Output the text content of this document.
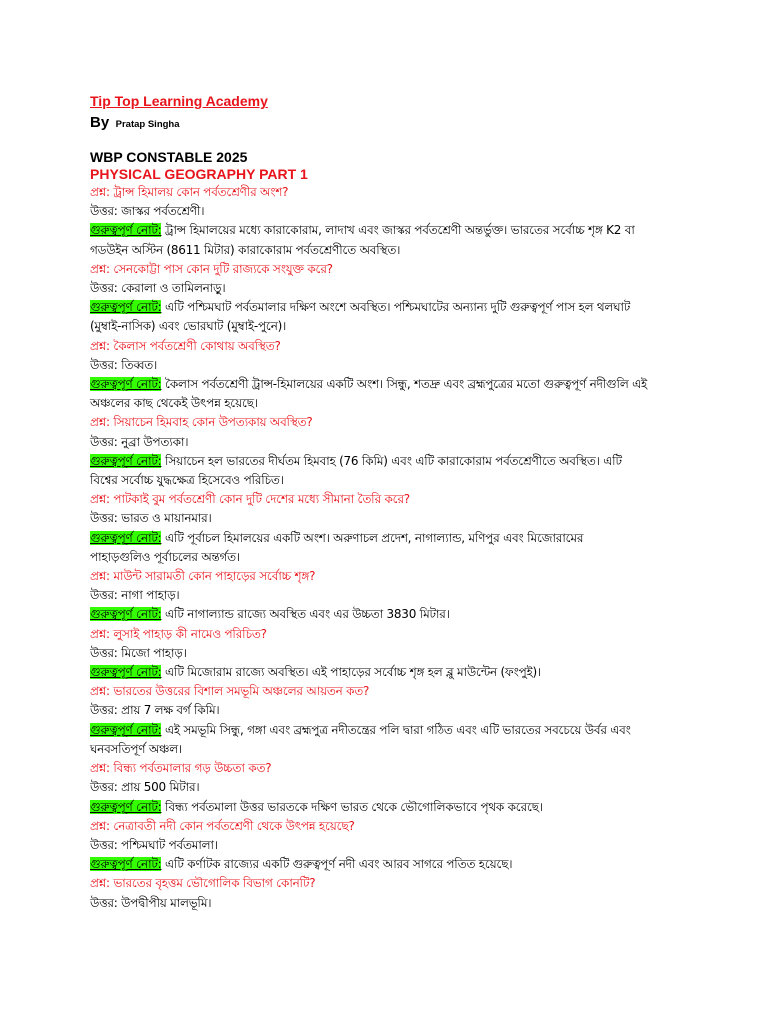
Tip Top Learning Academy
By Pratap Singha
WBP CONSTABLE 2025
PHYSICAL GEOGRAPHY PART 1
প্রশ্ন: ট্রান্স হিমালয় কোন পর্বতশ্রেণীর অংশ?
উত্তর: জাস্কর পর্বতশ্রেণী।
গুরুত্বপূর্ণ নোট: ট্রান্স হিমালয়ের মধ্যে কারাকোরাম, লাদাখ এবং জাস্কর পর্বতশ্রেণী অন্তর্ভুক্ত। ভারতের সর্বোচ্চ শৃঙ্গ K2 বা
গডউইন অস্টিন (8611 মিটার) কারাকোরাম পর্বতশ্রেণীতে অবস্থিত।
প্রশ্ন: সেনকোট্টা পাস কোন দুটি রাজ্যকে সংযুক্ত করে?
উত্তর: কেরালা ও তামিলনাড়ু।
গুরুত্বপূর্ণ নোট: এটি পশ্চিমঘাট পর্বতমালার দক্ষিণ অংশে অবস্থিত। পশ্চিমঘাটের অন্যান্য দুটি গুরুত্বপূর্ণ পাস হল থলঘাট
(মুম্বাই-নাসিক) এবং ভোরঘাট (মুম্বাই-পুনে)।
প্রশ্ন: কৈলাস পর্বতশ্রেণী কোথায় অবস্থিত?
উত্তর: তিব্বত।
গুরুত্বপূর্ণ নোট: কৈলাস পর্বতশ্রেণী ট্রান্স-হিমালয়ের একটি অংশ। সিন্ধু, শতদ্রু এবং ব্রহ্মপুত্রের মতো গুরুত্বপূর্ণ নদীগুলি এই
অঞ্চলের কাছ থেকেই উৎপন্ন হয়েছে।
প্রশ্ন: সিয়াচেন হিমবাহ কোন উপত্যকায় অবস্থিত?
উত্তর: নুব্রা উপত্যকা।
গুরুত্বপূর্ণ নোট: সিয়াচেন হল ভারতের দীর্ঘতম হিমবাহ (76 কিমি) এবং এটি কারাকোরাম পর্বতশ্রেণীতে অবস্থিত। এটি
বিশ্বের সর্বোচ্চ যুদ্ধক্ষেত্র হিসেবেও পরিচিত।
প্রশ্ন: পাটকাই বুম পর্বতশ্রেণী কোন দুটি দেশের মধ্যে সীমানা তৈরি করে?
উত্তর: ভারত ও মায়ানমার।
গুরুত্বপূর্ণ নোট: এটি পূর্বাচল হিমালয়ের একটি অংশ। অরুণাচল প্রদেশ, নাগাল্যান্ড, মণিপুর এবং মিজোরামের
পাহাড়গুলিও পূর্বাচলের অন্তর্গত।
প্রশ্ন: মাউন্ট সারামতী কোন পাহাড়ের সর্বোচ্চ শৃঙ্গ?
উত্তর: নাগা পাহাড়।
গুরুত্বপূর্ণ নোট: এটি নাগাল্যান্ড রাজ্যে অবস্থিত এবং এর উচ্চতা 3830 মিটার।
প্রশ্ন: লুসাই পাহাড় কী নামেও পরিচিত?
উত্তর: মিজো পাহাড়।
গুরুত্বপূর্ণ নোট: এটি মিজোরাম রাজ্যে অবস্থিত। এই পাহাড়ের সর্বোচ্চ শৃঙ্গ হল ব্লু মাউন্টেন (ফংপুই)।
প্রশ্ন: ভারতের উত্তরের বিশাল সমভূমি অঞ্চলের আয়তন কত?
উত্তর: প্রায় 7 লক্ষ বর্গ কিমি।
গুরুত্বপূর্ণ নোট: এই সমভূমি সিন্ধু, গঙ্গা এবং ব্রহ্মপুত্র নদীতন্ত্রের পলি দ্বারা গঠিত এবং এটি ভারতের সবচেয়ে উর্বর এবং
ঘনবসতিপূর্ণ অঞ্চল।
প্রশ্ন: বিন্ধ্য পর্বতমালার গড় উচ্চতা কত?
উত্তর: প্রায় 500 মিটার।
গুরুত্বপূর্ণ নোট: বিন্ধ্য পর্বতমালা উত্তর ভারতকে দক্ষিণ ভারত থেকে ভৌগোলিকভাবে পৃথক করেছে।
প্রশ্ন: নেত্রাবতী নদী কোন পর্বতশ্রেণী থেকে উৎপন্ন হয়েছে?
উত্তর: পশ্চিমঘাট পর্বতমালা।
গুরুত্বপূর্ণ নোট: এটি কর্ণাটক রাজ্যের একটি গুরুত্বপূর্ণ নদী এবং আরব সাগরে পতিত হয়েছে।
প্রশ্ন: ভারতের বৃহত্তম ভৌগোলিক বিভাগ কোনটি?
উত্তর: উপদ্বীপীয় মালভূমি।
